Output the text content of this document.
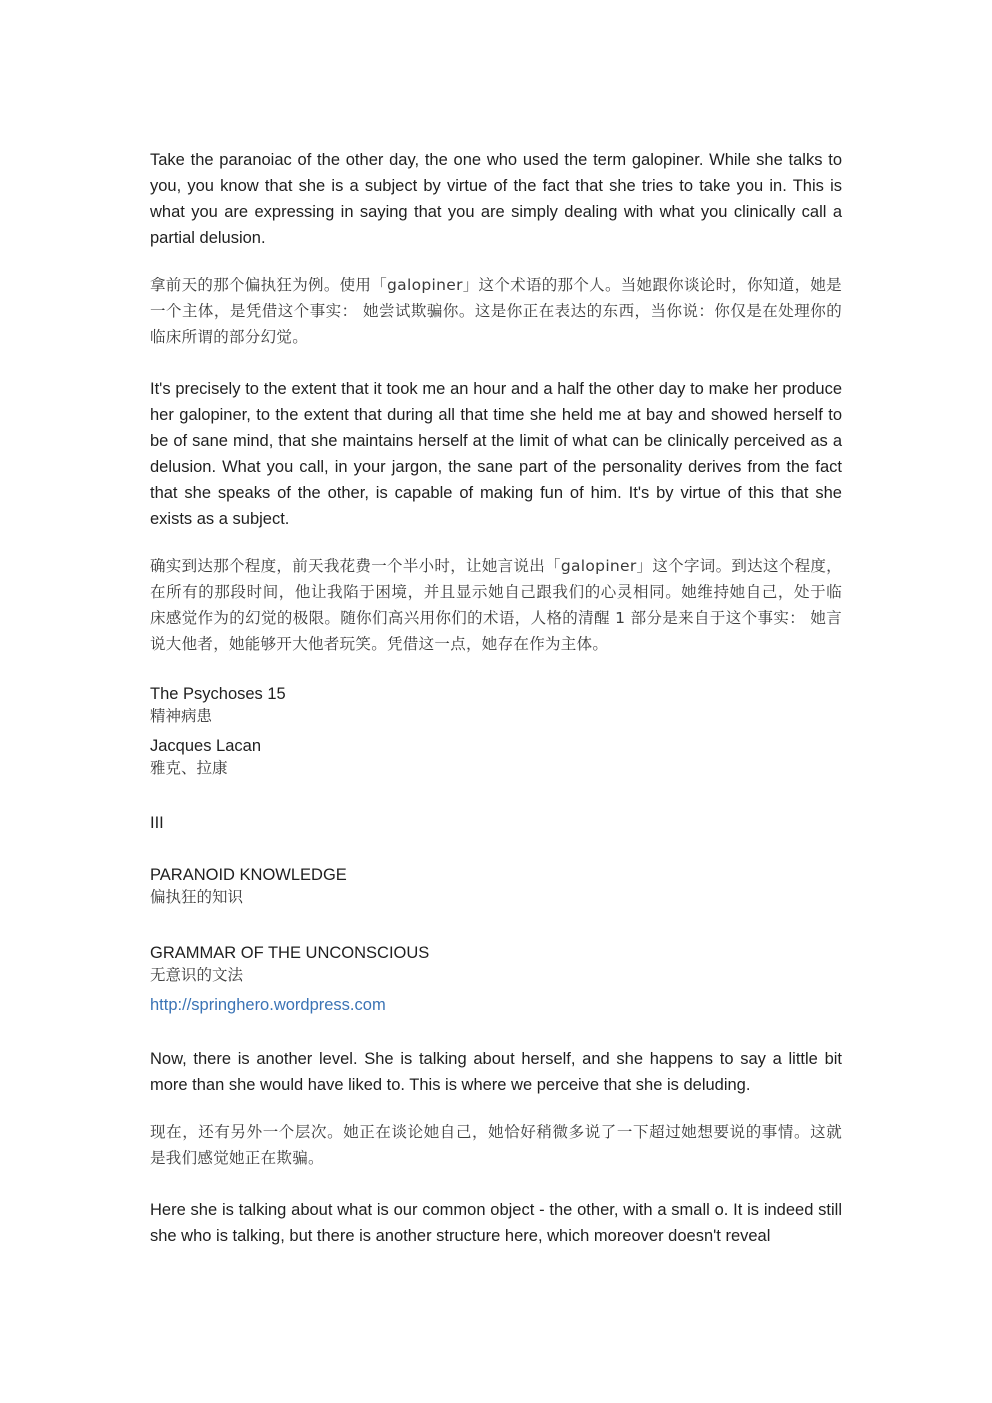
Take the paranoiac of the other day, the one who used the term galopiner. While she talks to you, you know that she is a subject by virtue of the fact that she tries to take you in. This is what you are expressing in saying that you are simply dealing with what you clinically call a partial delusion.

拿前天的那个偏执狂为例。使用「galopiner」这个术语的那个人。当她跟你谈论时，你知道，她是一个主体，是凭借这个事实： 她尝试欺骗你。这是你正在表达的东西，当你说：你仅是在处理你的临床所谓的部分幻觉。

It's precisely to the extent that it took me an hour and a half the other day to make her produce her galopiner, to the extent that during all that time she held me at bay and showed herself to be of sane mind, that she maintains herself at the limit of what can be clinically perceived as a delusion. What you call, in your jargon, the sane part of the personality derives from the fact that she speaks of the other, is capable of making fun of him. It's by virtue of this that she exists as a subject.

确实到达那个程度，前天我花费一个半小时，让她言说出「galopiner」这个字词。到达这个程度，在所有的那段时间，他让我陷于困境，并且显示她自己跟我们的心灵相同。她维持她自己，处于临床感觉作为的幻觉的极限。随你们高兴用你们的术语，人格的清醒 1 部分是来自于这个事实： 她言说大他者，她能够开大他者玩笑。凭借这一点，她存在作为主体。

The Psychoses 15

精神病患

Jacques Lacan

雅克、拉康

III

PARANOID KNOWLEDGE

偏执狂的知识

GRAMMAR OF THE UNCONSCIOUS

无意识的文法

http://springhero.wordpress.com

Now, there is another level. She is talking about herself, and she happens to say a little bit more than she would have liked to. This is where we perceive that she is deluding.

现在，还有另外一个层次。她正在谈论她自己，她恰好稍微多说了一下超过她想要说的事情。这就是我们感觉她正在欺骗。

Here she is talking about what is our common object - the other, with a small o. It is indeed still she who is talking, but there is another structure here, which moreover doesn't reveal
